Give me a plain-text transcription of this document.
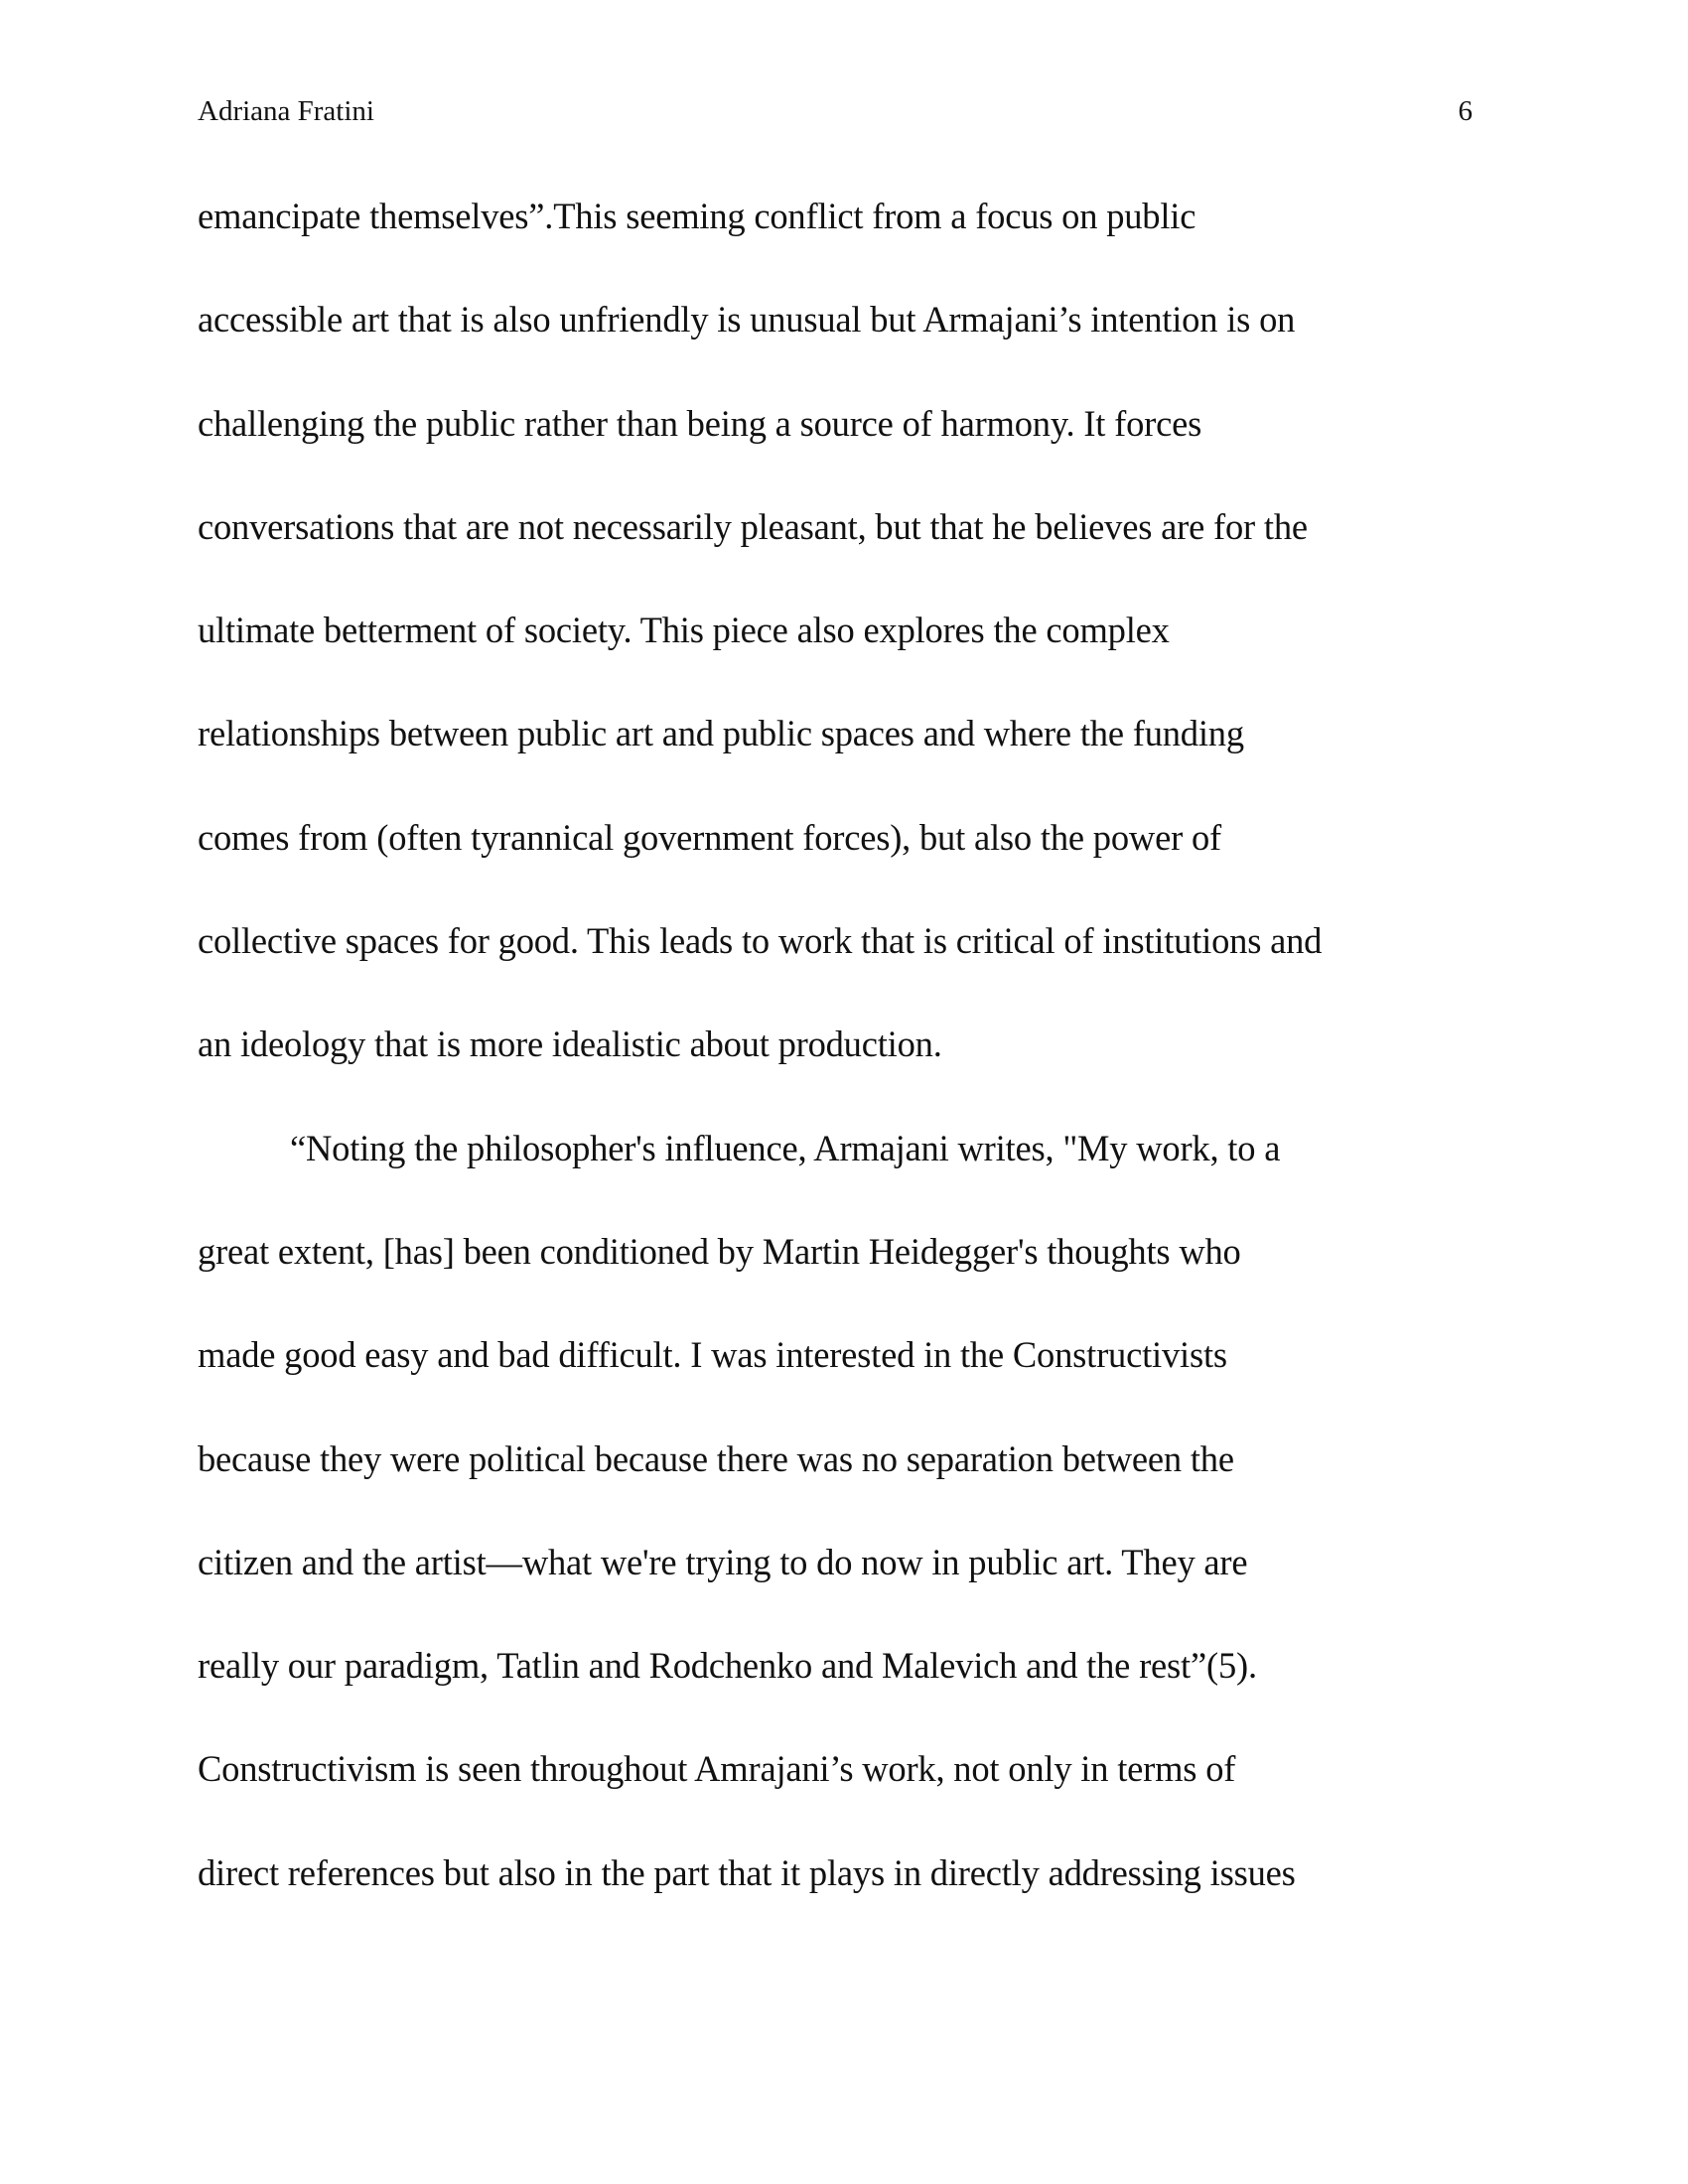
Adriana Fratini	6
emancipate themselves”.This seeming conflict from a focus on public
accessible art that is also unfriendly is unusual but Armajani’s intention is on
challenging the public rather than being a source of harmony. It forces
conversations that are not necessarily pleasant, but that he believes are for the
ultimate betterment of society. This piece also explores the complex
relationships between public art and public spaces and where the funding
comes from (often tyrannical government forces), but also the power of
collective spaces for good. This leads to work that is critical of institutions and
an ideology that is more idealistic about production.
“Noting the philosopher's influence, Armajani writes, "My work, to a
great extent, [has] been conditioned by Martin Heidegger's thoughts who
made good easy and bad difficult. I was interested in the Constructivists
because they were political because there was no separation between the
citizen and the artist—what we're trying to do now in public art. They are
really our paradigm, Tatlin and Rodchenko and Malevich and the rest”(5).
Constructivism is seen throughout Amrajani’s work, not only in terms of
direct references but also in the part that it plays in directly addressing issues
